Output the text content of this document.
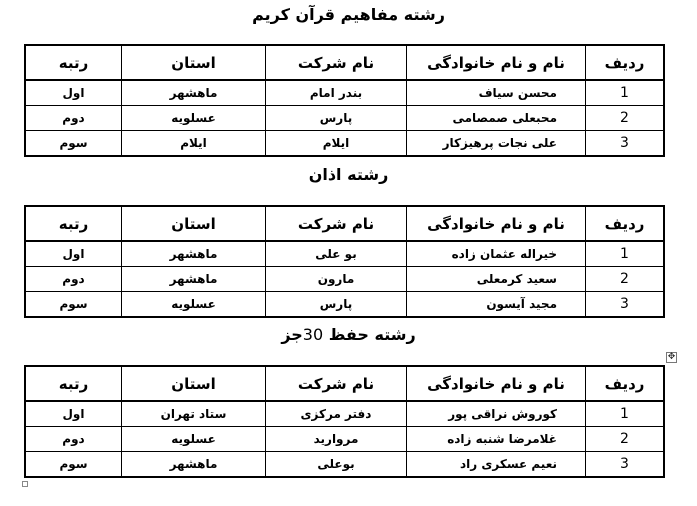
رشته مفاهیم قرآن کریم
ردیف	نام و نام خانوادگی	نام شرکت	استان	رتبه
1	محسن سیاف	بندر امام	ماهشهر	اول
2	محبعلی صمصامی	پارس	عسلویه	دوم
3	علی نجات پرهیزکار	ایلام	ایلام	سوم
رشته اذان
ردیف	نام و نام خانوادگی	نام شرکت	استان	رتبه
1	خیراله عثمان زاده	بو علی	ماهشهر	اول
2	سعید کرمعلی	مارون	ماهشهر	دوم
3	مجید آیسون	پارس	عسلویه	سوم
رشته حفظ 30جز
✥
ردیف	نام و نام خانوادگی	نام شرکت	استان	رتبه
1	کوروش نراقی پور	دفتر مرکزی	ستاد تهران	اول
2	غلامرضا شنبه زاده	مروارید	عسلویه	دوم
3	نعیم عسکری راد	بوعلی	ماهشهر	سوم
